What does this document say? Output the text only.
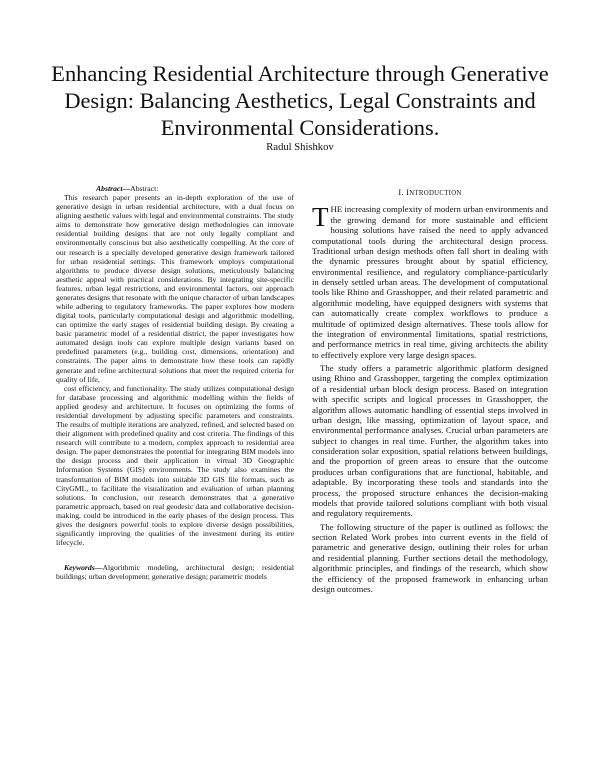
Enhancing Residential Architecture through Generative Design: Balancing Aesthetics, Legal Constraints and Environmental Considerations.
Radul Shishkov

Abstract—Abstract:
This research paper presents an in-depth exploration of the use of generative design in urban residential architecture, with a dual focus on aligning aesthetic values with legal and environmental constraints. The study aims to demonstrate how generative design methodologies can innovate residential building designs that are not only legally compliant and environmentally conscious but also aesthetically compelling. At the core of our research is a specially developed generative design framework tailored for urban residential settings. This framework employs computational algorithms to produce diverse design solutions, meticulously balancing aesthetic appeal with practical considerations. By integrating site-specific features, urban legal restrictions, and environmental factors, our approach generates designs that resonate with the unique character of urban landscapes while adhering to regulatory frameworks. The paper explores how modern digital tools, particularly computational design and algorithmic modelling, can optimize the early stages of residential building design. By creating a basic parametric model of a residential district, the paper investigates how automated design tools can explore multiple design variants based on predefined parameters (e.g., building cost, dimensions, orientation) and constraints. The paper aims to demonstrate how these tools can rapidly generate and refine architectural solutions that meet the required criteria for quality of life,

cost efficiency, and functionality. The study utilizes computational design for database processing and algorithmic modelling within the fields of applied geodesy and architecture. It focuses on optimizing the forms of residential development by adjusting specific parameters and constraints. The results of multiple iterations are analyzed, refined, and selected based on their alignment with predefined quality and cost criteria. The findings of this research will contribute to a modern, complex approach to residential area design. The paper demonstrates the potential for integrating BIM models into the design process and their application in virtual 3D Geographic Information Systems (GIS) environments. The study also examines the transformation of BIM models into suitable 3D GIS file formats, such as CityGML, to facilitate the visualization and evaluation of urban planning solutions. In conclusion, our research demonstrates that a generative parametric approach, based on real geodesic data and collaborative decision-making, could be introduced in the early phases of the design process. This gives the designers powerful tools to explore diverse design possibilities, significantly improving the qualities of the investment during its entire lifecycle.

Keywords—Algorithmic modeling, architectural design; residential buildings; urban development; generative design; parametric models

I. INTRODUCTION

THE increasing complexity of modern urban environments and the growing demand for more sustainable and efficient housing solutions have raised the need to apply advanced computational tools during the architectural design process. Traditional urban design methods often fall short in dealing with the dynamic pressures brought about by spatial efficiency, environmental resilience, and regulatory compliance-particularly in densely settled urban areas. The development of computational tools like Rhino and Grasshopper, and their related parametric and algorithmic modeling, have equipped designers with systems that can automatically create complex workflows to produce a multitude of optimized design alternatives. These tools allow for the integration of environmental limitations, spatial restrictions, and performance metrics in real time, giving architects the ability to effectively explore very large design spaces.

The study offers a parametric algorithmic platform designed using Rhino and Grasshopper, targeting the complex optimization of a residential urban block design process. Based on integration with specific scripts and logical processes in Grasshopper, the algorithm allows automatic handling of essential steps involved in urban design, like massing, optimization of layout space, and environmental performance analyses. Crucial urban parameters are subject to changes in real time. Further, the algorithm takes into consideration solar exposition, spatial relations between buildings, and the proportion of green areas to ensure that the outcome produces urban configurations that are functional, habitable, and adaptable. By incorporating these tools and standards into the process, the proposed structure enhances the decision-making models that provide tailored solutions compliant with both visual and regulatory requirements.

The following structure of the paper is outlined as follows: the section Related Work probes into current events in the field of parametric and generative design, outlining their roles for urban and residential planning. Further sections detail the methodology, algorithmic principles, and findings of the research, which show the efficiency of the proposed framework in enhancing urban design outcomes.
